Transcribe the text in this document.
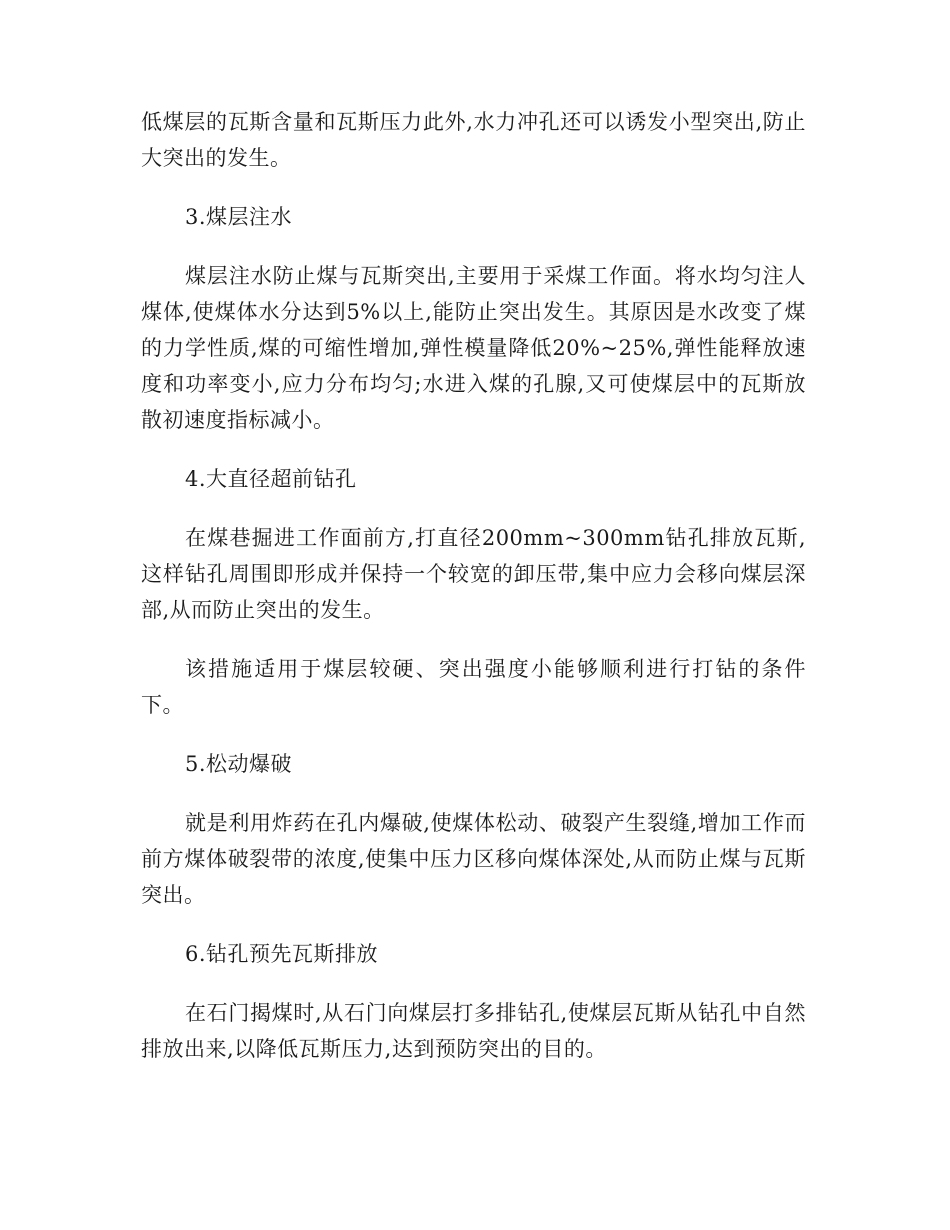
低煤层的瓦斯含量和瓦斯压力此外,水力冲孔还可以诱发小型突出,防止大突出的发生。

3.煤层注水

煤层注水防止煤与瓦斯突出,主要用于采煤工作面。将水均匀注人煤体,使煤体水分达到5%以上,能防止突出发生。其原因是水改变了煤的力学性质,煤的可缩性增加,弹性模量降低20%~25%,弹性能释放速度和功率变小,应力分布均匀;水进入煤的孔腺,又可使煤层中的瓦斯放散初速度指标减小。

4.大直径超前钻孔

在煤巷掘进工作面前方,打直径200mm~300mm钻孔排放瓦斯,这样钻孔周围即形成并保持一个较宽的卸压带,集中应力会移向煤层深部,从而防止突出的发生。

该措施适用于煤层较硬、突出强度小能够顺利进行打钻的条件下。

5.松动爆破

就是利用炸药在孔内爆破,使煤体松动、破裂产生裂缝,增加工作而前方煤体破裂带的浓度,使集中压力区移向煤体深处,从而防止煤与瓦斯突出。

6.钻孔预先瓦斯排放

在石门揭煤时,从石门向煤层打多排钻孔,使煤层瓦斯从钻孔中自然排放出来,以降低瓦斯压力,达到预防突出的目的。
